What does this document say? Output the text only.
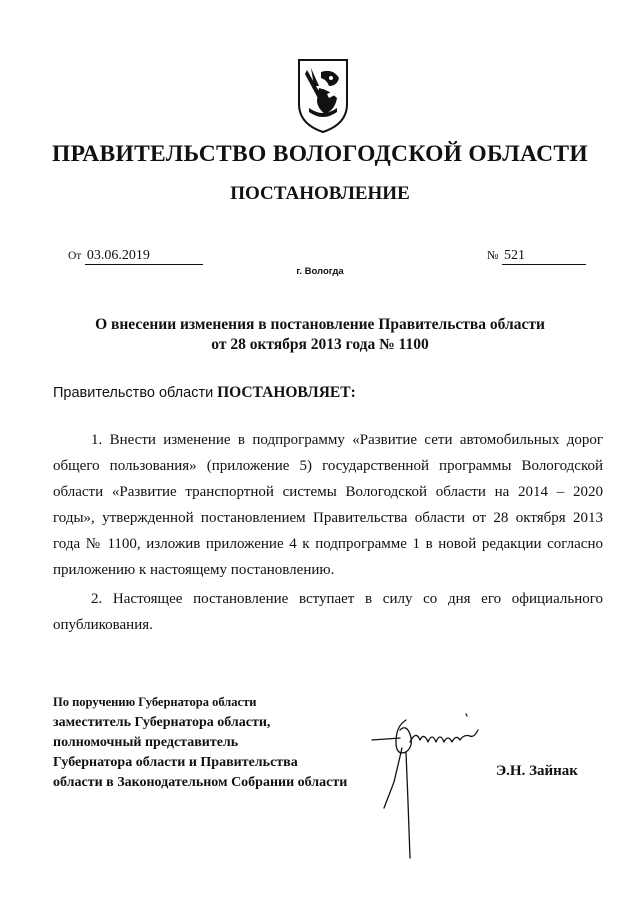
ПРАВИТЕЛЬСТВО ВОЛОГОДСКОЙ ОБЛАСТИ
ПОСТАНОВЛЕНИЕ
От 03.06.2019	№ 521
г. Вологда
О внесении изменения в постановление Правительства области
от 28 октября 2013 года № 1100
Правительство области ПОСТАНОВЛЯЕТ:

1. Внести изменение в подпрограмму «Развитие сети автомобильных дорог общего пользования» (приложение 5) государственной программы Вологодской области «Развитие транспортной системы Вологодской области на 2014 – 2020 годы», утвержденной постановлением Правительства области от 28 октября 2013 года № 1100, изложив приложение 4 к подпрограмме 1 в новой редакции согласно приложению к настоящему постановлению.

2. Настоящее постановление вступает в силу со дня его официального опубликования.

По поручению Губернатора области
заместитель Губернатора области,
полномочный представитель
Губернатора области и Правительства
области в Законодательном Собрании области
Э.Н. Зайнак
